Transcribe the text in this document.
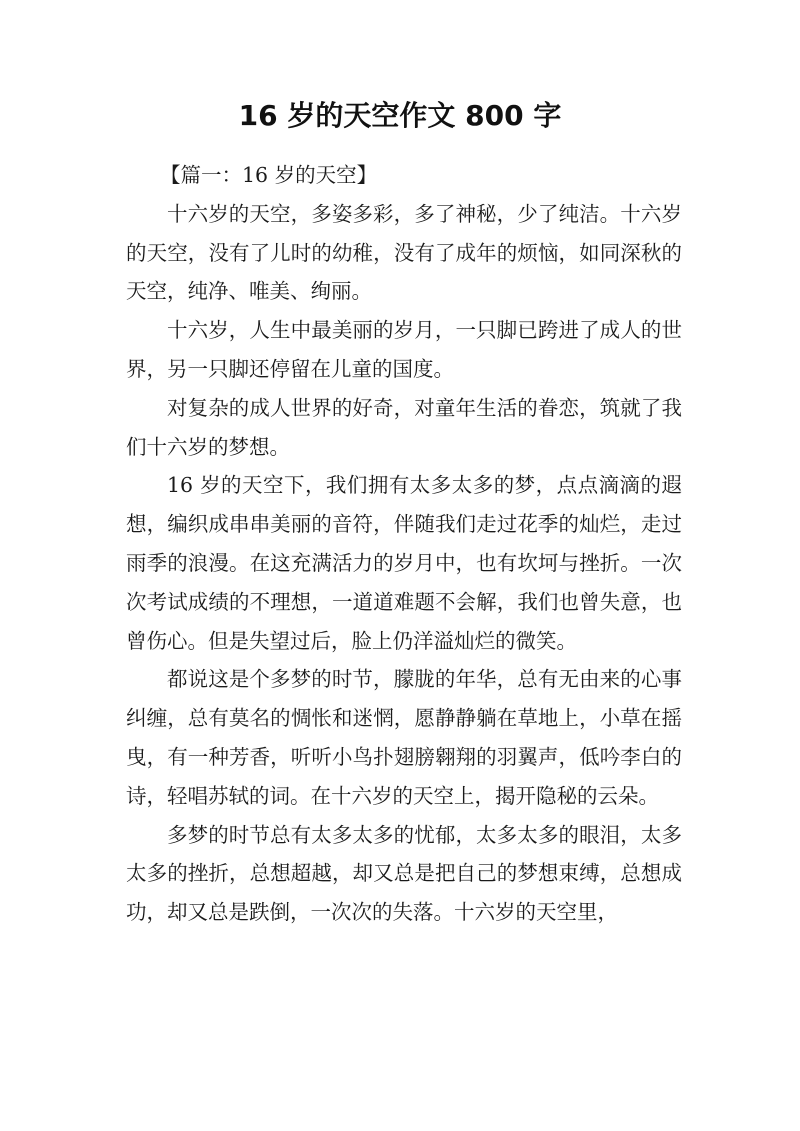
16 岁的天空作文 800 字

【篇一：16 岁的天空】

十六岁的天空，多姿多彩，多了神秘，少了纯洁。十六岁的天空，没有了儿时的幼稚，没有了成年的烦恼，如同深秋的天空，纯净、唯美、绚丽。

十六岁，人生中最美丽的岁月，一只脚已跨进了成人的世界，另一只脚还停留在儿童的国度。

对复杂的成人世界的好奇，对童年生活的眷恋，筑就了我们十六岁的梦想。

16 岁的天空下，我们拥有太多太多的梦，点点滴滴的遐想，编织成串串美丽的音符，伴随我们走过花季的灿烂，走过雨季的浪漫。在这充满活力的岁月中，也有坎坷与挫折。一次次考试成绩的不理想，一道道难题不会解，我们也曾失意，也曾伤心。但是失望过后，脸上仍洋溢灿烂的微笑。

都说这是个多梦的时节，朦胧的年华，总有无由来的心事纠缠，总有莫名的惆怅和迷惘，愿静静躺在草地上，小草在摇曳，有一种芳香，听听小鸟扑翅膀翱翔的羽翼声，低吟李白的诗，轻唱苏轼的词。在十六岁的天空上，揭开隐秘的云朵。

多梦的时节总有太多太多的忧郁，太多太多的眼泪，太多太多的挫折，总想超越，却又总是把自己的梦想束缚，总想成功，却又总是跌倒，一次次的失落。十六岁的天空里，
